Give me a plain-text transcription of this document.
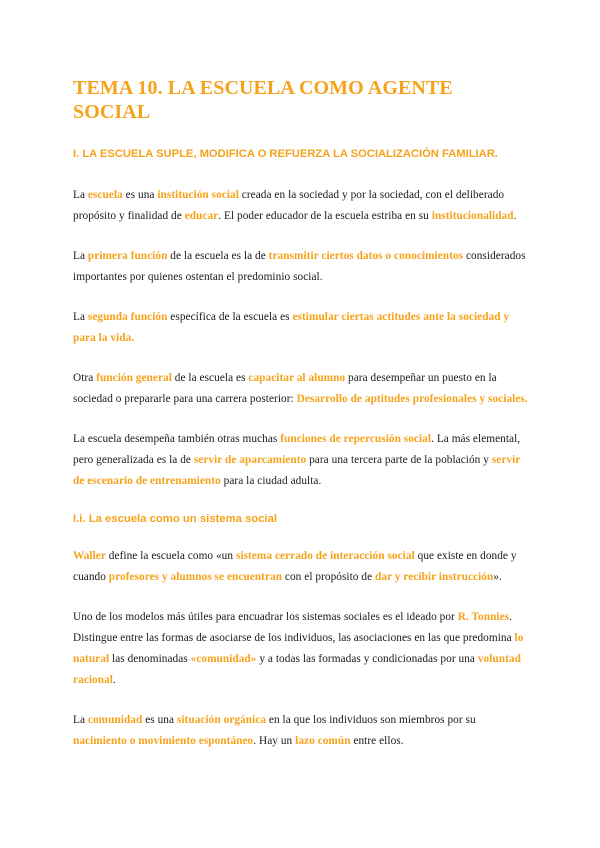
TEMA 10. LA ESCUELA COMO AGENTE SOCIAL
I. LA ESCUELA SUPLE, MODIFICA O REFUERZA LA SOCIALIZACIÓN FAMILIAR.

La escuela es una institución social creada en la sociedad y por la sociedad, con el deliberado propósito y finalidad de educar. El poder educador de la escuela estriba en su institucionalidad.

La primera función de la escuela es la de transmitir ciertos datos o conocimientos considerados importantes por quienes ostentan el predominio social.

La segunda función específica de la escuela es estimular ciertas actitudes ante la sociedad y para la vida.

Otra función general de la escuela es capacitar al alumno para desempeñar un puesto en la sociedad o prepararle para una carrera posterior: Desarrollo de aptitudes profesionales y sociales.

La escuela desempeña también otras muchas funciones de repercusión social. La más elemental, pero generalizada es la de servir de aparcamiento para una tercera parte de la población y servir de escenario de entrenamiento para la ciudad adulta.

I.i. La escuela como un sistema social

Waller define la escuela como «un sistema cerrado de interacción social que existe en donde y cuando profesores y alumnos se encuentran con el propósito de dar y recibir instrucción».

Uno de los modelos más útiles para encuadrar los sistemas sociales es el ideado por R. Tonnies. Distingue entre las formas de asociarse de los individuos, las asociaciones en las que predomina lo natural las denominadas «comunidad» y a todas las formadas y condicionadas por una voluntad racional.

La comunidad es una situación orgánica en la que los individuos son miembros por su nacimiento o movimiento espontáneo. Hay un lazo común entre ellos.
